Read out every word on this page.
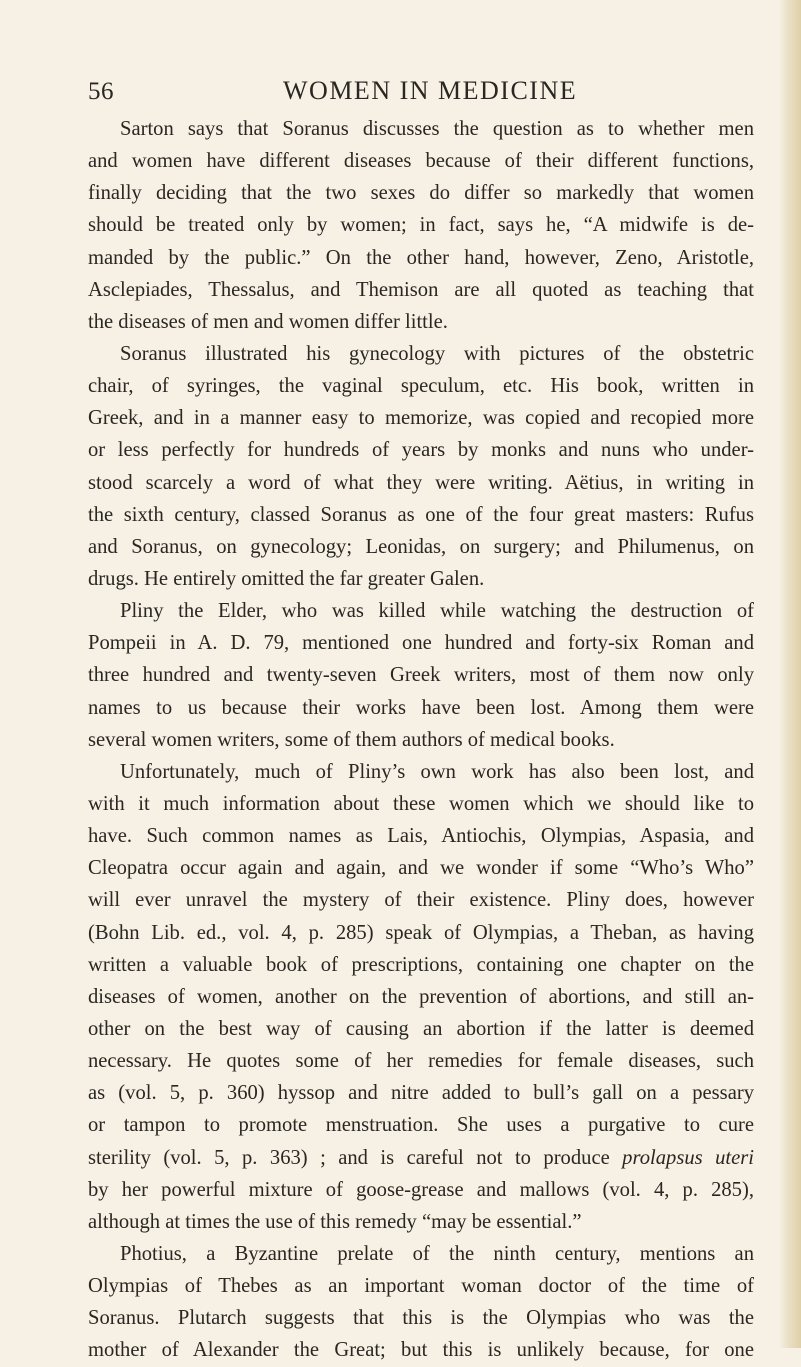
56	WOMEN IN MEDICINE
Sarton says that Soranus discusses the question as to whether men
and women have different diseases because of their different functions,
finally deciding that the two sexes do differ so markedly that women
should be treated only by women; in fact, says he, “A midwife is de-
manded by the public.” On the other hand, however, Zeno, Aristotle,
Asclepiades, Thessalus, and Themison are all quoted as teaching that
the diseases of men and women differ little.
Soranus illustrated his gynecology with pictures of the obstetric
chair, of syringes, the vaginal speculum, etc. His book, written in
Greek, and in a manner easy to memorize, was copied and recopied more
or less perfectly for hundreds of years by monks and nuns who under-
stood scarcely a word of what they were writing. Aëtius, in writing in
the sixth century, classed Soranus as one of the four great masters: Rufus
and Soranus, on gynecology; Leonidas, on surgery; and Philumenus, on
drugs. He entirely omitted the far greater Galen.
Pliny the Elder, who was killed while watching the destruction of
Pompeii in A. D. 79, mentioned one hundred and forty-six Roman and
three hundred and twenty-seven Greek writers, most of them now only
names to us because their works have been lost. Among them were
several women writers, some of them authors of medical books.
Unfortunately, much of Pliny’s own work has also been lost, and
with it much information about these women which we should like to
have. Such common names as Lais, Antiochis, Olympias, Aspasia, and
Cleopatra occur again and again, and we wonder if some “Who’s Who”
will ever unravel the mystery of their existence. Pliny does, however
(Bohn Lib. ed., vol. 4, p. 285) speak of Olympias, a Theban, as having
written a valuable book of prescriptions, containing one chapter on the
diseases of women, another on the prevention of abortions, and still an-
other on the best way of causing an abortion if the latter is deemed
necessary. He quotes some of her remedies for female diseases, such
as (vol. 5, p. 360) hyssop and nitre added to bull’s gall on a pessary
or tampon to promote menstruation. She uses a purgative to cure
sterility (vol. 5, p. 363) ; and is careful not to produce prolapsus uteri
by her powerful mixture of goose-grease and mallows (vol. 4, p. 285),
although at times the use of this remedy “may be essential.”
Photius, a Byzantine prelate of the ninth century, mentions an
Olympias of Thebes as an important woman doctor of the time of
Soranus. Plutarch suggests that this is the Olympias who was the
mother of Alexander the Great; but this is unlikely because, for one
